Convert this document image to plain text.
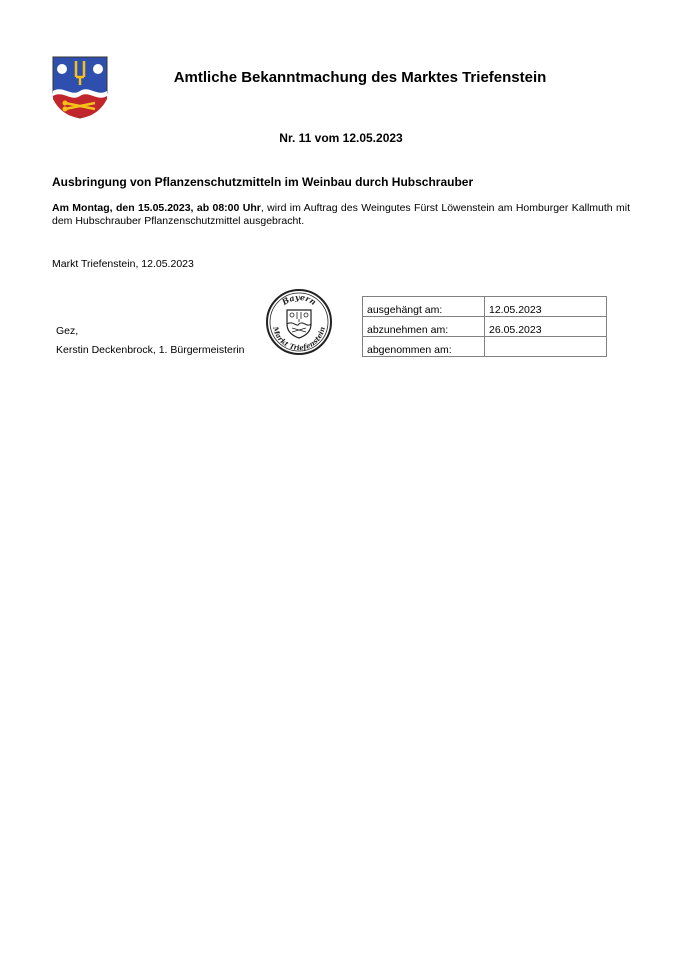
Amtliche Bekanntmachung des Marktes Triefenstein
Nr. 11 vom 12.05.2023
Ausbringung von Pflanzenschutzmitteln im Weinbau durch Hubschrauber
Am Montag, den 15.05.2023, ab 08:00 Uhr, wird im Auftrag des Weingutes Fürst Löwenstein am Homburger Kallmuth mit dem Hubschrauber Pflanzenschutzmittel ausgebracht.
Markt Triefenstein, 12.05.2023
Gez,
Kerstin Deckenbrock, 1. Bürgermeisterin
Bayern
Markt Triefenstein
ausgehängt am:	12.05.2023
abzunehmen am:	26.05.2023
abgenommen am:	
